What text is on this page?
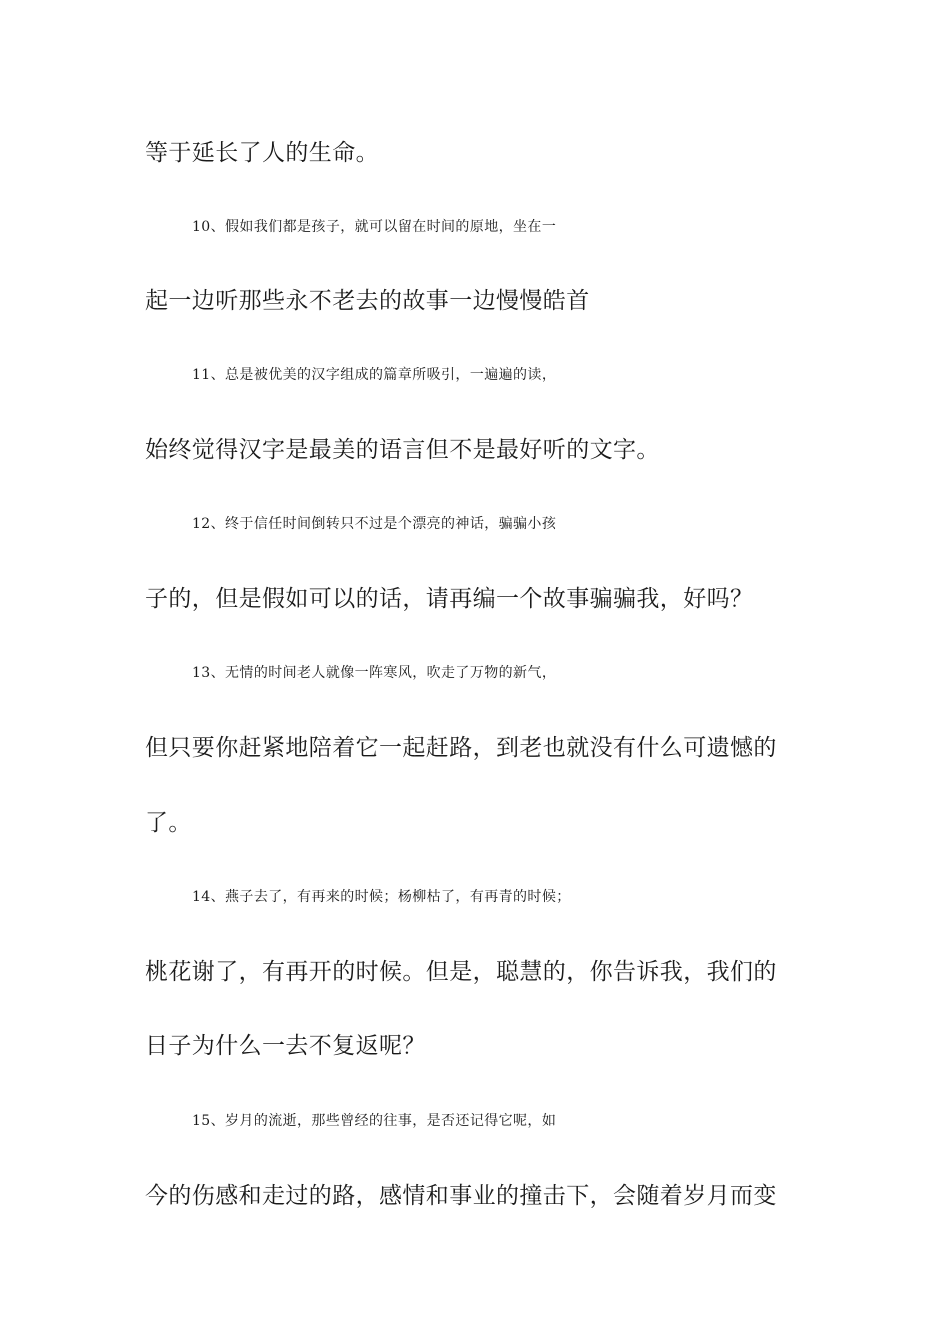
等于延长了人的生命。

10、假如我们都是孩子，就可以留在时间的原地，坐在一

起一边听那些永不老去的故事一边慢慢皓首

11、总是被优美的汉字组成的篇章所吸引，一遍遍的读，

始终觉得汉字是最美的语言但不是最好听的文字。

12、终于信任时间倒转只不过是个漂亮的神话，骗骗小孩

子的，但是假如可以的话，请再编一个故事骗骗我，好吗？

13、无情的时间老人就像一阵寒风，吹走了万物的新气，

但只要你赶紧地陪着它一起赶路，到老也就没有什么可遗憾的

了。

14、燕子去了，有再来的时候；杨柳枯了，有再青的时候；

桃花谢了，有再开的时候。但是，聪慧的，你告诉我，我们的

日子为什么一去不复返呢？

15、岁月的流逝，那些曾经的往事，是否还记得它呢，如

今的伤感和走过的路，感情和事业的撞击下，会随着岁月而变
